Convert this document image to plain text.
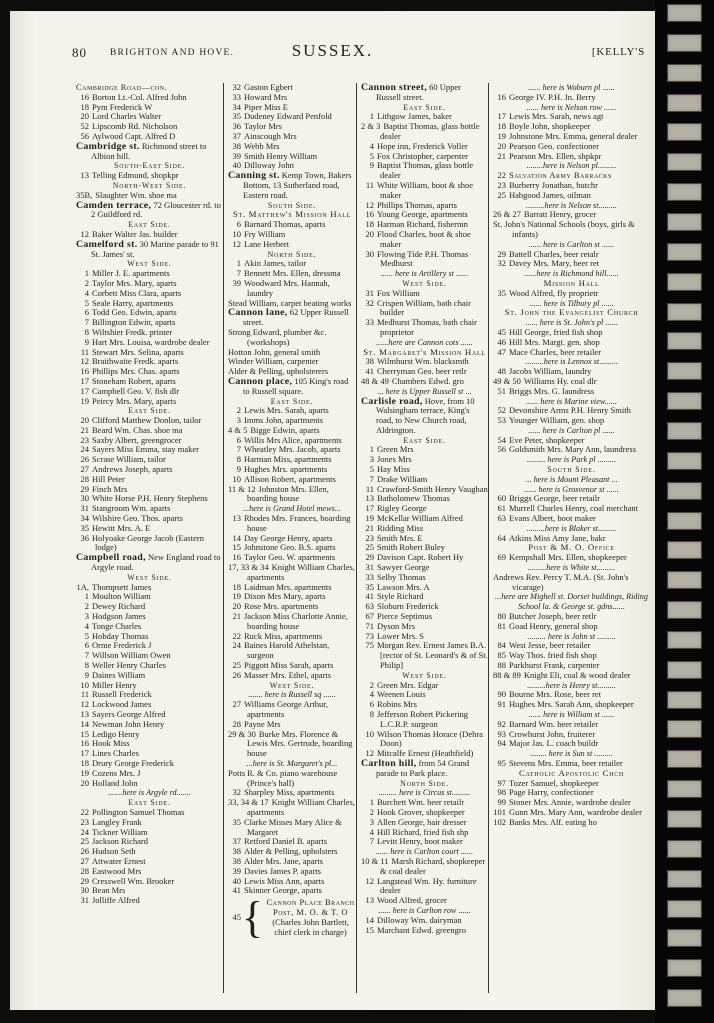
80 BRIGHTON AND HOVE.	SUSSEX.	[KELLY'S

Cambridge Road—con.

16 Borton Lt.-Col. Alfred John

18 Pym Frederick W

20 Lord Charles Walter

52 Lipscomb Rd. Nicholson

56 Aylwood Capt. Alfred D

Cambridge st. Richmond street to Albion hill.

South-East Side.

13 Telling Edmund, shopkpr

North-West Side.

35B, Slaughter Wm. shoe ma

Camden terrace, 72 Gloucester rd. to 2 Guildford rd.

East Side.

12 Baker Walter Jas. builder

Camelford st. 30 Marine parade to 91 St. James' st.

West Side.

1 Miller J. E. apartments

2 Taylor Mrs. Mary, aparts

4 Corbett Miss Clara, aparts

5 Seale Harry, apartments

6 Todd Geo. Edwin, aparts

7 Billington Edwin, aparts

8 Wiltshier Fredk. printer

9 Hart Mrs. Louisa, wardrobe dealer

11 Stewart Mrs. Selina, aparts

12 Braithwaite Fredk. aparts

16 Phillips Mrs. Chas. aparts

17 Stoneham Robert, aparts

17 Campbell Geo. V. fish dlr

19 Peircy Mrs. Mary, aparts

East Side.

20 Clifford Matthew Donlon, tailor

21 Beard Wm. Chas. shoe ma

23 Saxby Albert, greengrocer

24 Sayers Miss Emma, stay maker

26 Scrase William, tailor

27 Andrews Joseph, aparts

28 Hill Peter

29 Finch Mrs

30 White Horse P.H. Henry Stephens

31 Stangroom Wm. aparts

34 Wilshire Geo. Thos. aparts

35 Hewitt Mrs. A. E

36 Holyoake George Jacob (Eastern lodge)

Campbell road, New England road to Argyle road.

West Side.

1A, Thompsett James

1 Moulton William

2 Dewey Richard

3 Hodgson James

4 Tonge Charles

5 Hobday Thomas

6 Orme Frederick J

7 Willson William Owen

8 Weller Henry Charles

9 Daines William

10 Miller Henry

11 Russell Frederick

12 Lockwood James

13 Sayers George Alfred

14 Newman John Henry

15 Ledigo Henry

16 Hook Miss

17 Lines Charles

18 Drury George Frederick

19 Cozens Mrs. J

20 Holland John

.......here is Argyle rd.......

East Side.

22 Pollington Samuel Thomas

23 Langley Frank

24 Tickner William

25 Jackson Richard

26 Hudson Seth

27 Attwater Ernest

28 Eastwood Mrs

29 Cresswell Wm. Brooker

30 Bean Mrs

31 Jolliffe Alfred

32 Gaston Egbert

33 Howard Mrs

34 Piper Miss E

35 Dudeney Edward Penfold

36 Taylor Mrs

37 Ainscough Mrs

38 Webb Mrs

39 Smith Henry William

40 Dilloway John

Canning st. Kemp Town, Bakers Bottom, 13 Sutherland road, Eastern road.

South Side.

St. Matthew's Mission Hall

6 Barnard Thomas, aparts

10 Fry William

12 Lane Herbert

North Side.

1 Akin James, tailor

7 Bennett Mrs. Ellen, dressma

39 Woodward Mrs. Hannah, laundry

Stead William, carpet beating works

Cannon lane, 62 Upper Russell street.

Strong Edward, plumber &c. (workshops)

Hotton John, general smith

Winder William, carpenter

Alder & Pelling, upholsterers

Cannon place, 105 King's road to Russell square.

East Side.

2 Lewis Mrs. Sarah, aparts

3 Imms John, apartments

4 & 5 Bigge Edwin, aparts

6 Willis Mrs Alice, apartments

7 Wheatley Mrs. Jacob, aparts

8 Harman Miss, apartments

9 Hughes Mrs. apartments

10 Allison Robert, apartments

11 & 12 Johnston Mrs. Ellen, boarding house

...here is Grand Hotel mews...

13 Rhodes Mrs. Frances, boarding house

14 Day George Henry, aparts

15 Johnstone Geo. B.S. aparts

16 Taylor Geo. W. apartments

17, 33 & 34 Knight William Charles, apartments

18 Laidman Mrs. apartments

19 Dixon Mrs Mary, aparts

20 Rose Mrs. apartments

21 Jackson Miss Charlotte Annie, boarding house

22 Ruck Miss, apartments

24 Baines Harold Athelstan, surgeon

25 Piggott Miss Sarah, aparts

26 Masser Mrs. Ethel, aparts

West Side.

....... here is Russell sq ......

27 Williams George Arthur, apartments

28 Payne Mrs

29 & 30 Burke Mrs. Florence & Lewis Mrs. Gertrude, boarding house

...here is St. Margaret's pl...

Potts R. & Co. piano warehouse (Prince's hall)

32 Sharpley Miss, apartments

33, 34 & 17 Knight William Charles, apartments

35 Clarke Misses Mary Alice & Margaret

37 Retford Daniel B. aparts

38 Alder & Pelling, upholsters

38 Alder Mrs. Jane, aparts

39 Davies James P. aparts

40 Lewis Miss Ann, aparts

41 Skinner George, aparts

45 { Cannon Place Branch
Post, M. O. & T. O
(Charles John Bartlett,
chief clerk in charge)

Cannon street, 60 Upper Russell street.

East Side.

1 Lithgow James, baker

2 & 3 Baptist Thomas, glass bottle dealer

4 Hope inn, Frederick Voller

5 Fox Christopher, carpenter

9 Baptist Thomas, glass bottle dealer

11 White William, boot & shoe maker

12 Phillips Thomas, aparts

16 Young George, apartments

18 Harman Richard, fishermn

20 Flood Charles, boot & shoe maker

30 Flowing Tide P.H. Thomas Medhurst

...... here is Artillery st ......

West Side.

31 Fox William

32 Crispen William, bath chair builder

33 Medhurst Thomas, bath chair proprietor

......here are Cannon cots ......

St. Margaret's Mission Hall

38 Wilmhurst Wm. blacksmth

41 Cherryman Geo. beer retlr

48 & 49 Chambers Edwd. gro

... here is Upper Russell st ...

Carlisle road, Hove, from 10 Walsingham terrace, King's road, to New Church road, Aldrington.

East Side.

1 Green Mrs

3 Jones Mrs

5 Hay Miss

7 Drake William

11 Crawford-Smith Henry Vaughan

13 Batholomew Thomas

17 Rigley George

19 McKellar William Alfred

21 Ridding Miss

23 Smith Mrs. E

25 Smith Robert Buley

29 Davison Capt. Robert Hy

31 Sawyer George

33 Selby Thomas

35 Lawson Mrs. A

41 Style Richard

63 Sloburn Frederick

67 Pierce Septimus

71 Dyson Mrs

73 Lower Mrs. S

75 Morgan Rev. Ernest James B.A. [rector of St. Leonard's & of St. Philip]

West Side.

2 Green Mrs. Edgar

4 Weenen Louis

6 Robins Mrs

8 Jefferson Robert Pickering L.C.R.P. surgeon

10 Wilson Thomas Horace (Dehra Doon)

12 Mitcalfe Ernest (Heathfield)

Carlton hill, from 54 Grand parade to Park place.

North Side.

......... here is Circus st.........

1 Burchett Wm. beer retailr

2 Hook Grover, shopkeeper

3 Allen George, hair dresser

4 Hill Richard, fried fish shp

7 Levitt Henry, boot maker

...... here is Carlton court ......

10 & 11 Marsh Richard, shopkeeper & coal dealer

12 Langstead Wm. Hy. furniture dealer

13 Wood Alfred, grocer

...... here is Carlton row ......

14 Dilloway Wm. dairyman

15 Marchant Edwd. greengro

...... here is Woburn pl ......

16 George IV. P.H. Jn. Berry

...... here is Nelson row ......

17 Lewis Mrs. Sarah, news agt

18 Boyle John, shopkeeper

19 Johnstone Mrs. Emma, general dealer

20 Pearson Geo. confectioner

21 Pearson Mrs. Ellen, shpkpr

........here is Nelson pl.........

22 Salvation Army Barracks

23 Burberry Jonathan, butchr

25 Habgood James, oilman

.........here is Nelson st.........

26 & 27 Barratt Henry, grocer

St. John's National Schools (boys, girls & infants)

...... here is Carlton st ......

29 Battell Charles, beer retalr

32 Davey Mrs. Mary, beer ret

......here is Richmond hill......

Mission Hall

35 Wood Alfred, fly proprietr

...... here is Tilbury pl ......

St. John the Evangelist Church

...... here is St. John's pl ......

45 Hill George, fried fish shop

46 Hill Mrs. Margt. gen. shop

47 Mace Charles, beer retailer

.........here is Lennox st.........

48 Jacobs William, laundry

49 & 50 Williams Hy. coal dlr

51 Briggs Mrs. G. laundress

...... here is Marine view......

52 Devonshire Arms P.H. Henry Smith

53 Younger William, gen. shop

...... here is Carlton pl ......

54 Eve Peter, shopkeeper

56 Goldsmith Mrs. Mary Ann, laundress

......... here is Park pl .........

South Side.

... here is Mount Pleasant ...

...... here is Grosvenor st ......

60 Briggs George, beer retailr

61 Murrell Charles Henry, coal merchant

63 Evans Albert, boot maker

.........here is Blaker st.........

64 Atkins Miss Amy Jane, bakr

Post & M. O. Office

69 Kempshall Mrs. Ellen, shopkeeper

.........here is White st.........

Andrews Rev. Percy T. M.A. (St. John's vicarage)

...here are Mighell st. Dorset buildings, Riding School la. & George st. gdns......

80 Butcher Joseph, beer retlr

81 Goad Henry, general shop

......... here is John st .........

84 West Jesse, beer retailer

85 Way Thos. fried fish shop

88 Parkhurst Frank, carpenter

88 & 89 Knight Eli, coal & wood dealer

.........here is Henry st.........

90 Bourne Mrs. Rose, beer ret

91 Hughes Mrs. Sarah Ann, shopkeeper

...... here is William st ......

92 Barnard Wm. beer retailer

93 Crowhurst John, fruiterer

94 Major Jas. L. coach buildr

........ here is Sun st .........

95 Stevens Mrs. Emma, beer retailer

Catholic Apostolic Chch

97 Tozer Samuel, shopkeeper

98 Page Harry, confectioner

99 Stoner Mrs. Annie, wardrobe dealer

101 Gunn Mrs. Mary Ann, wardrobe dealer

102 Banks Mrs. Alf. eating ho
